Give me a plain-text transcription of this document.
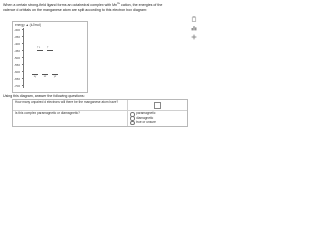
When a certain strong-field ligand forms an octahedral complex with $Mn^{3+}$ cation, the energies of the valence d orbitals on the manganese atom are split according to this electron box diagram:
energy ▲ (kJ/mol)
-300
-350
-400
-450
-500
-550
-600
-650
-700
↑↓ ↑
xy	xz	yz
Using this diagram, answer the following questions:
How many unpaired d electrons will there be the manganese atom have?
Is this complex paramagnetic or diamagnetic?	paramagnetic
diamagnetic
true or unsure
